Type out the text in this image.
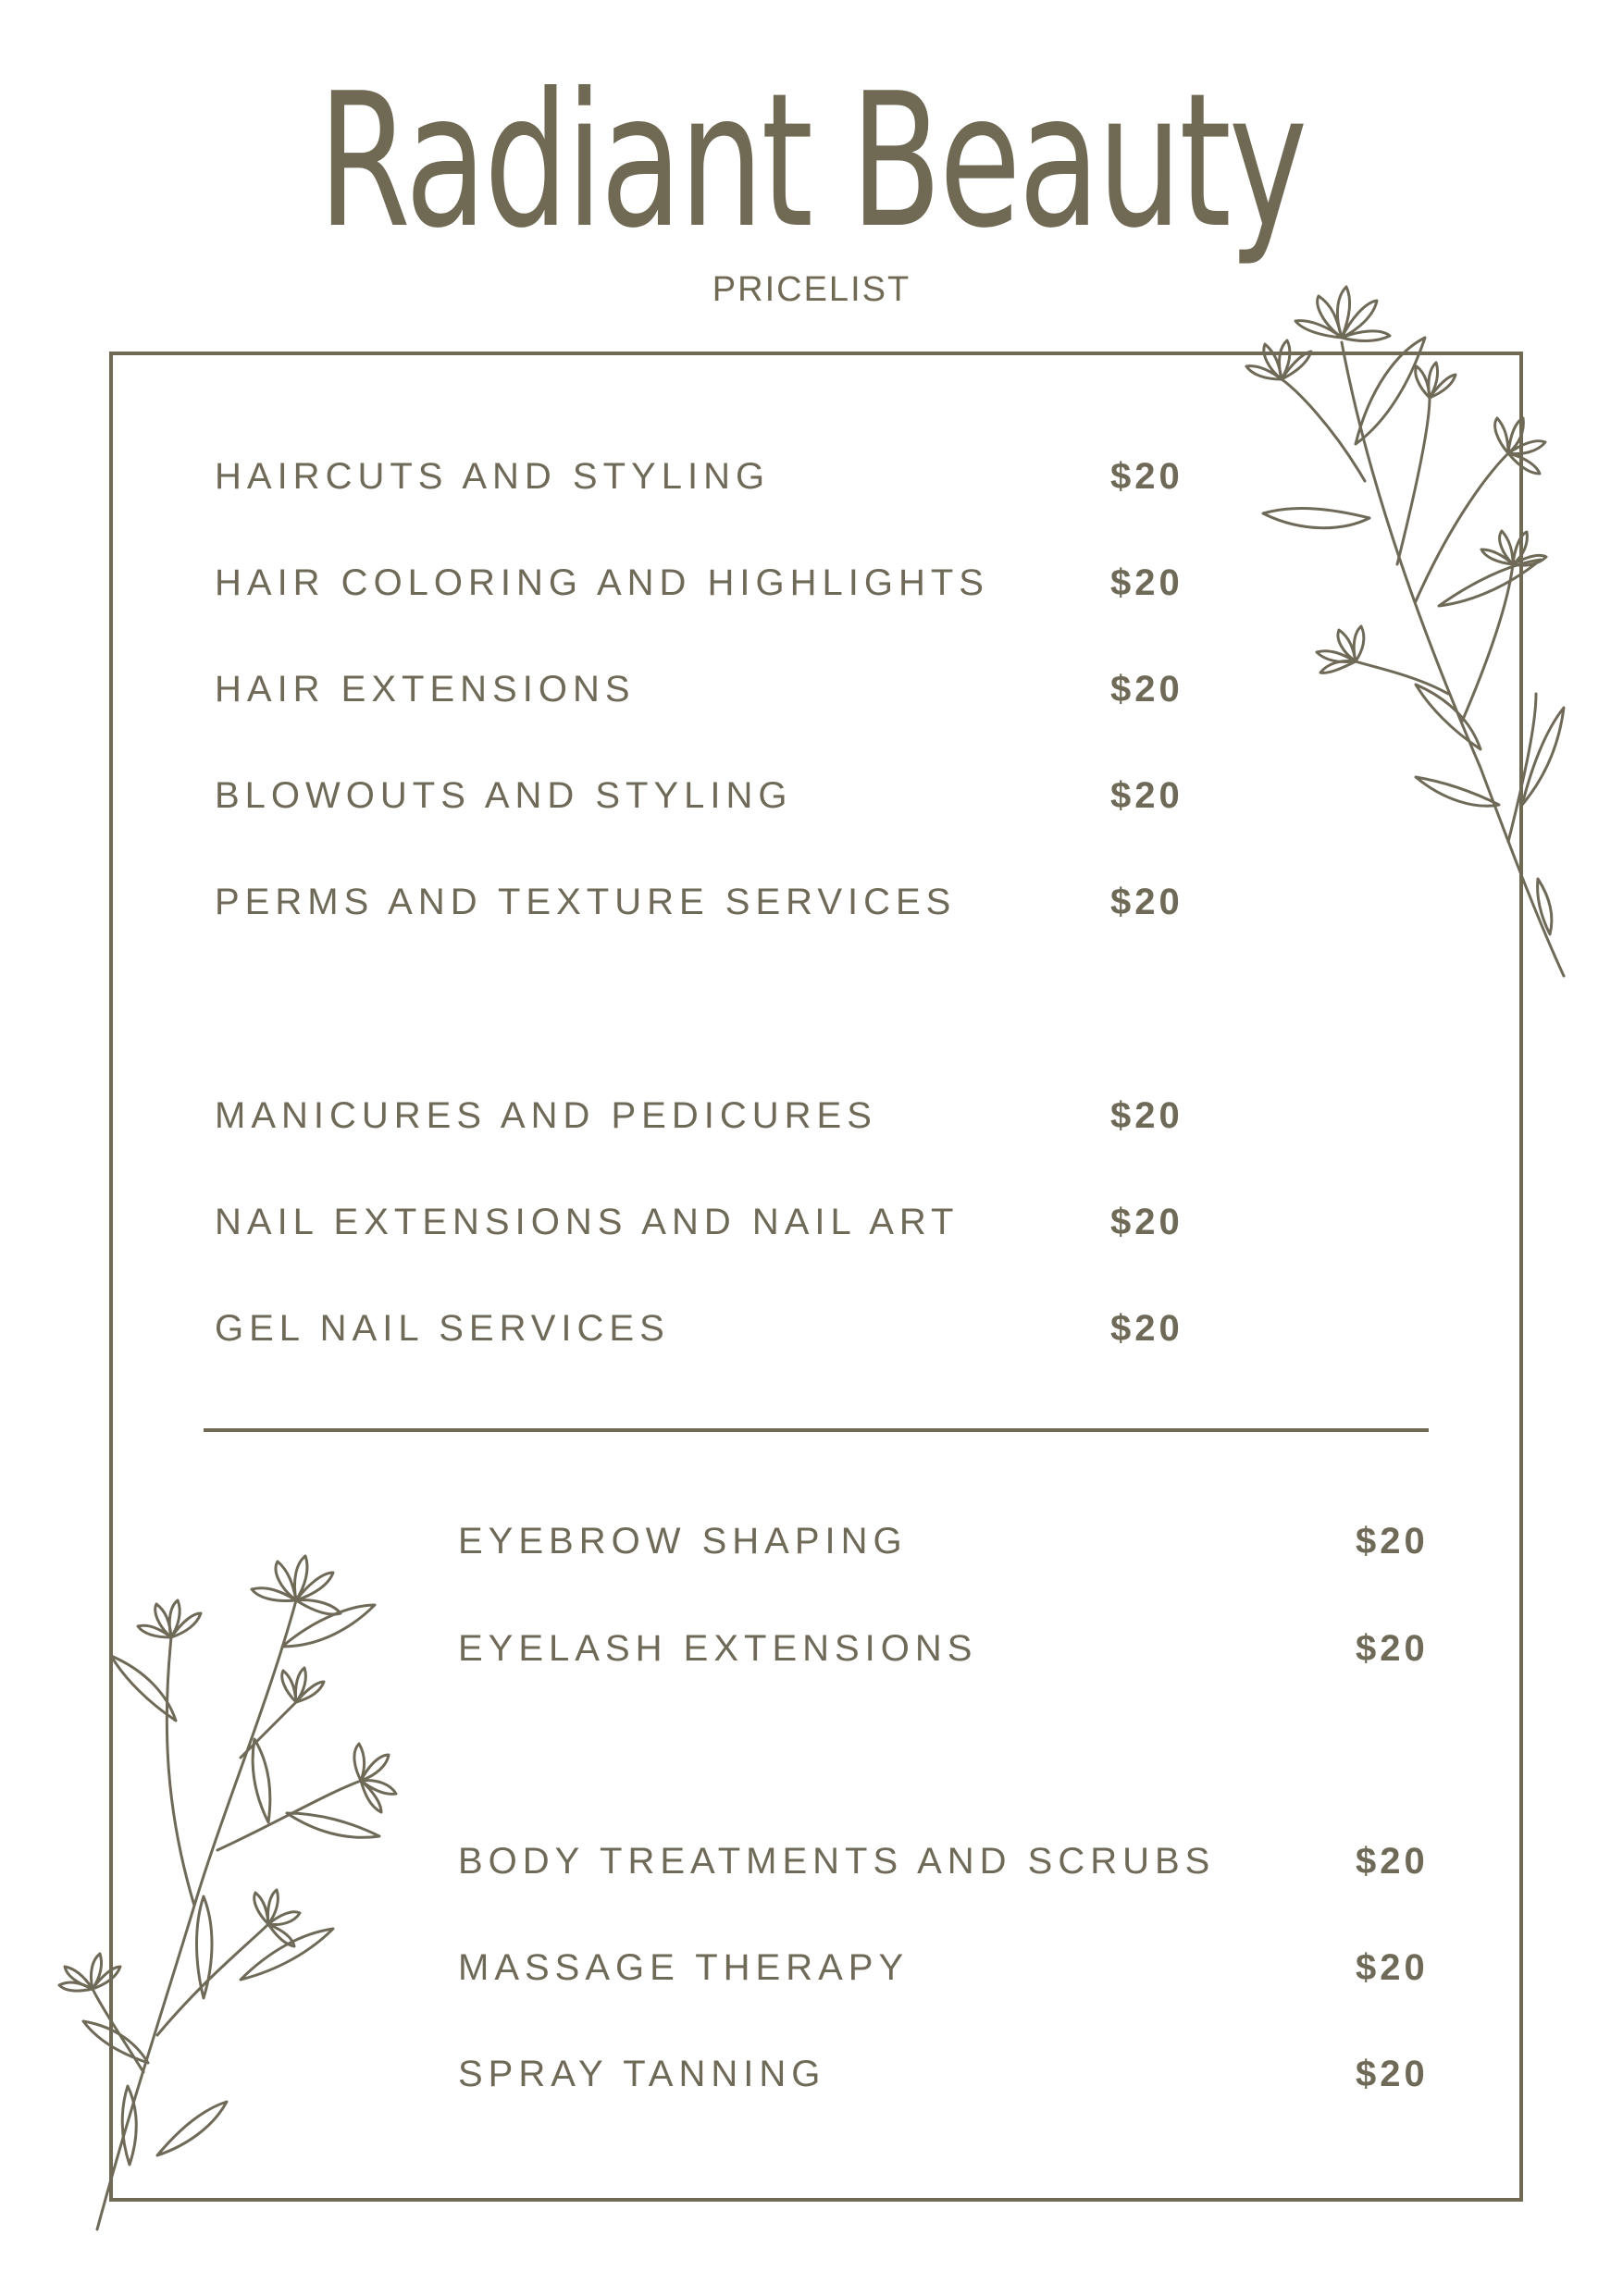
Radiant Beauty
PRICELIST
HAIRCUTS AND STYLING	$20
HAIR COLORING AND HIGHLIGHTS	$20
HAIR EXTENSIONS	$20
BLOWOUTS AND STYLING	$20
PERMS AND TEXTURE SERVICES	$20
MANICURES AND PEDICURES	$20
NAIL EXTENSIONS AND NAIL ART	$20
GEL NAIL SERVICES	$20
EYEBROW SHAPING	$20
EYELASH EXTENSIONS	$20
BODY TREATMENTS AND SCRUBS	$20
MASSAGE THERAPY	$20
SPRAY TANNING	$20
